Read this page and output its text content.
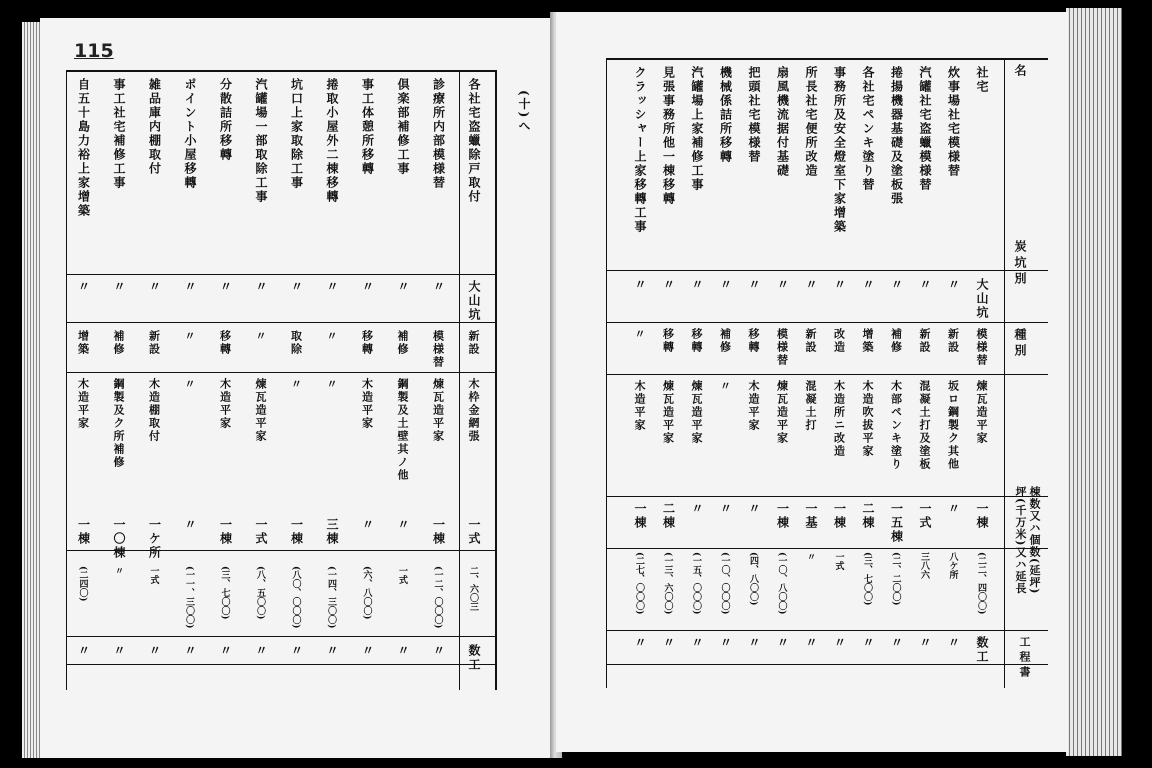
115
(十)へ
各社宅盗蠟除戸取付
大山坑
新設
木枠金網張
一式
二、六〇三
数工
診療所内部模様替
〃
模様替
煉瓦造平家
一棟
(一二、〇〇〇)
〃
倶楽部補修工事
〃
補修
鋼製及土壁其ノ他
〃
一式
〃
事工体憩所移轉
〃
移轉
木造平家
〃
(六、八〇〇)
〃
捲取小屋外二棟移轉
〃
〃
〃
三棟
(一四、三〇〇)
〃
坑口上家取除工事
〃
取除
〃
一棟
(八〇、〇〇〇)
〃
汽罐場一部取除工事
〃
〃
煉瓦造平家
一式
(八、五〇〇)
〃
分散詰所移轉
〃
移轉
木造平家
一棟
(三、七〇〇)
〃
ポイント小屋移轉
〃
〃
〃
〃
(一一、三〇〇)
〃
雑品庫内棚取付
〃
新設
木造棚取付
一ケ所
一式
〃
事工社宅補修工事
〃
補修
鋼製及ク所補修
一〇棟
〃
〃
自五十島力裕上家增築
〃
增築
木造平家
一棟
(二四〇)
〃
名
炭坑別
種別
棟数又ハ個数(延坪)
坪(千万米)又ハ延長
工程書
社宅
大山坑
模様替
煉瓦造平家
一棟
(二二、四〇〇)
数工
炊事場社宅模様替
〃
新設
坂ロ鋼製ク其他
〃
八ケ所
〃
汽罐社宅盗蠟模様替
〃
新設
混凝土打及塗板
一式
三八六
〃
捲揚機器基礎及塗板張
〃
補修
木部ペンキ塗り
一五棟
(二、二〇〇)
〃
各社宅ペンキ塗り替
〃
增築
木造吹拔平家
二棟
(三、七〇〇)
〃
事務所及安全燈室下家增築
〃
改造
木造所ニ改造
一棟
一式
〃
所長社宅便所改造
〃
新設
混凝土打
一基
〃
〃
扇風機流据付基礎
〃
模様替
煉瓦造平家
一棟
(一〇、八〇〇)
〃
把頭社宅模様替
〃
移轉
木造平家
〃
(四、八〇〇)
〃
機械係詰所移轉
〃
補修
〃
〃
(一〇、〇〇〇)
〃
汽罐場上家補修工事
〃
移轉
煉瓦造平家
〃
(一五、〇〇〇)
〃
見張事務所他一棟移轉
〃
移轉
煉瓦造平家
二棟
(一三、六〇〇)
〃
クラッシャー上家移轉工事
〃
〃
木造平家
一棟
(二七、〇〇〇)
〃
